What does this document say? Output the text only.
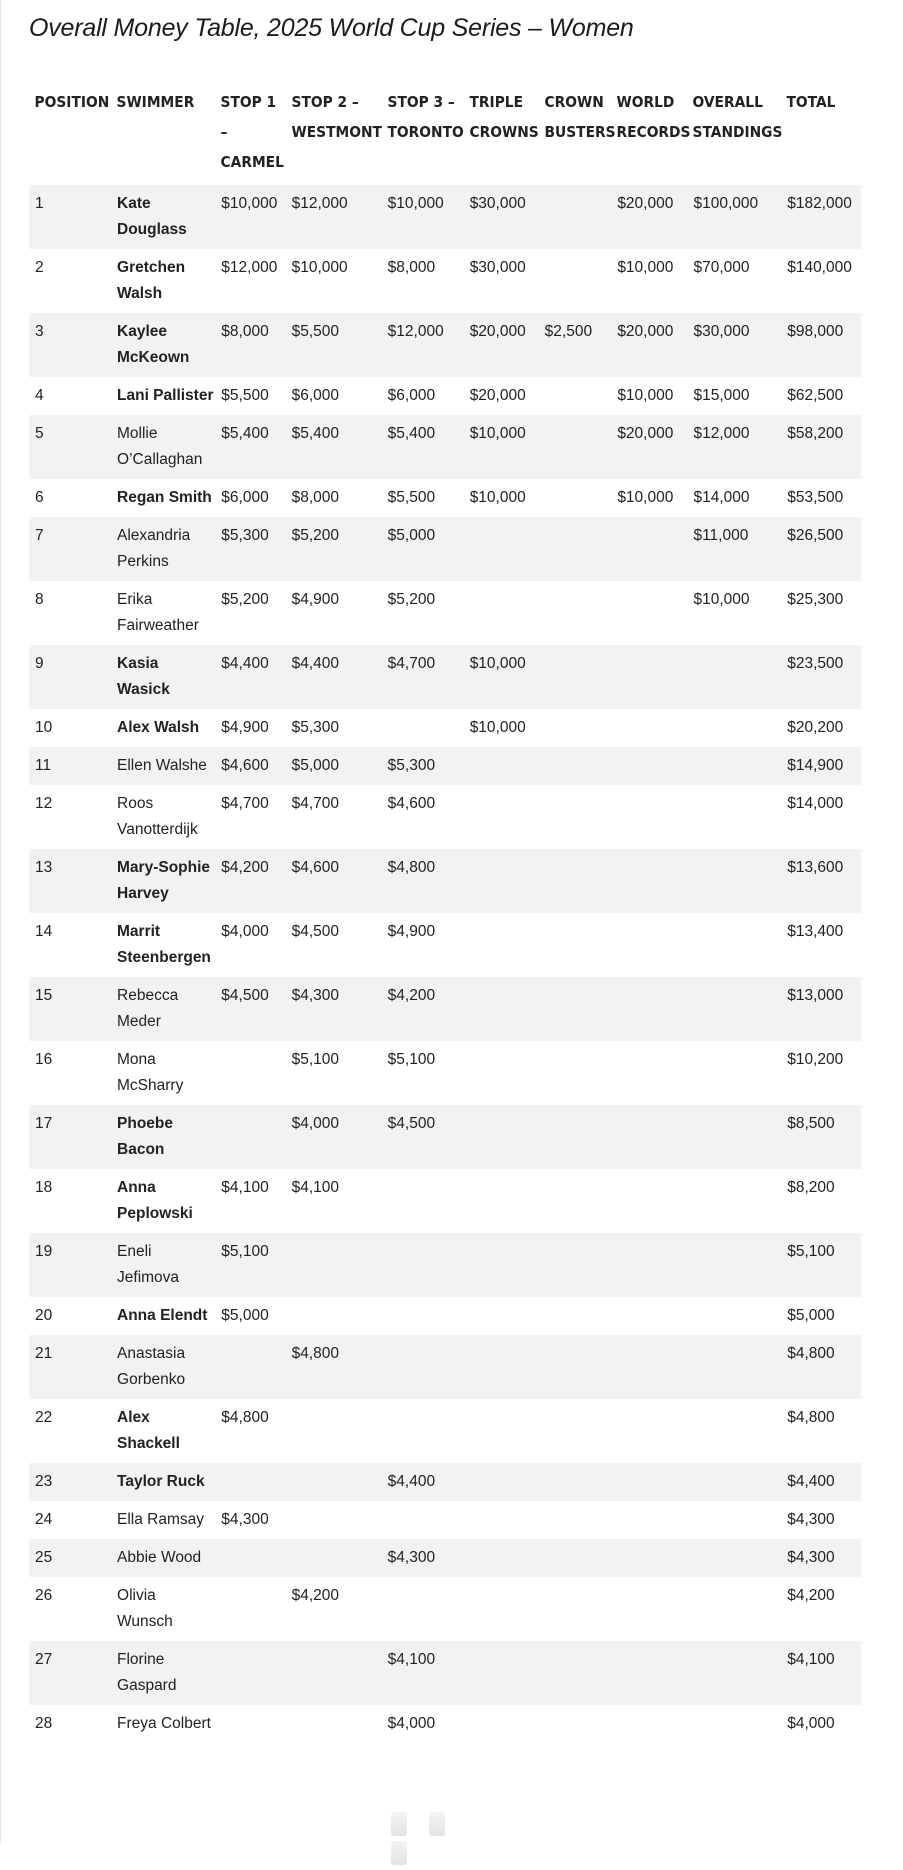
Overall Money Table, 2025 World Cup Series – Women
POSITION	SWIMMER	STOP 1 – CARMEL	STOP 2 – WESTMONT	STOP 3 – TORONTO	TRIPLE CROWNS	CROWN BUSTERS	WORLD RECORDS	OVERALL STANDINGS	TOTAL
1	Kate Douglass	$10,000	$12,000	$10,000	$30,000		$20,000	$100,000	$182,000
2	Gretchen Walsh	$12,000	$10,000	$8,000	$30,000		$10,000	$70,000	$140,000
3	Kaylee McKeown	$8,000	$5,500	$12,000	$20,000	$2,500	$20,000	$30,000	$98,000
4	Lani Pallister	$5,500	$6,000	$6,000	$20,000		$10,000	$15,000	$62,500
5	Mollie O’Callaghan	$5,400	$5,400	$5,400	$10,000		$20,000	$12,000	$58,200
6	Regan Smith	$6,000	$8,000	$5,500	$10,000		$10,000	$14,000	$53,500
7	Alexandria Perkins	$5,300	$5,200	$5,000				$11,000	$26,500
8	Erika Fairweather	$5,200	$4,900	$5,200				$10,000	$25,300
9	Kasia Wasick	$4,400	$4,400	$4,700	$10,000				$23,500
10	Alex Walsh	$4,900	$5,300		$10,000				$20,200
11	Ellen Walshe	$4,600	$5,000	$5,300					$14,900
12	Roos Vanotterdijk	$4,700	$4,700	$4,600					$14,000
13	Mary-Sophie Harvey	$4,200	$4,600	$4,800					$13,600
14	Marrit Steenbergen	$4,000	$4,500	$4,900					$13,400
15	Rebecca Meder	$4,500	$4,300	$4,200					$13,000
16	Mona McSharry		$5,100	$5,100					$10,200
17	Phoebe Bacon		$4,000	$4,500					$8,500
18	Anna Peplowski	$4,100	$4,100						$8,200
19	Eneli Jefimova	$5,100							$5,100
20	Anna Elendt	$5,000							$5,000
21	Anastasia Gorbenko		$4,800						$4,800
22	Alex Shackell	$4,800							$4,800
23	Taylor Ruck			$4,400					$4,400
24	Ella Ramsay	$4,300							$4,300
25	Abbie Wood			$4,300					$4,300
26	Olivia Wunsch		$4,200						$4,200
27	Florine Gaspard			$4,100					$4,100
28	Freya Colbert			$4,000					$4,000
